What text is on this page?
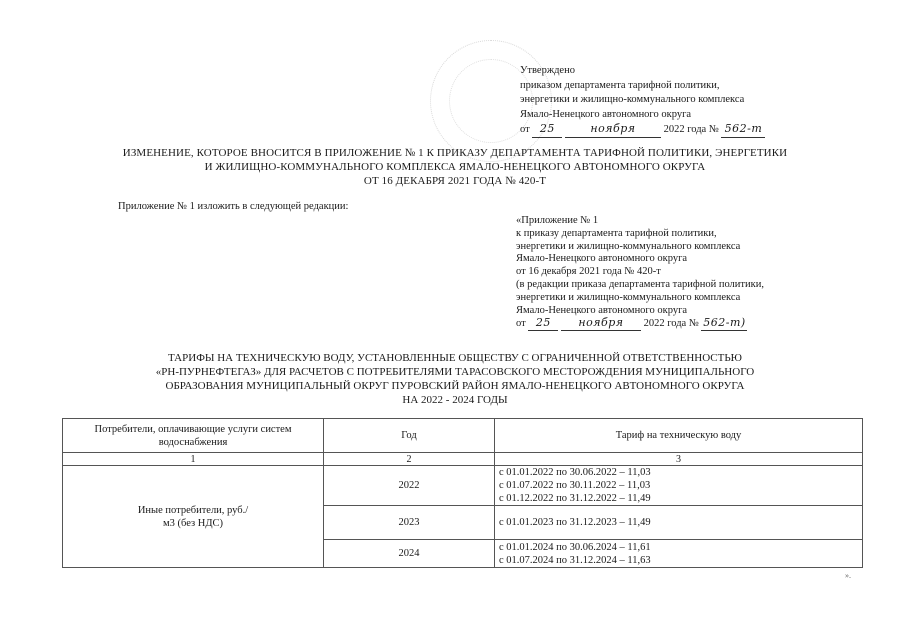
Утверждено
приказом департамента тарифной политики,
энергетики и жилищно-коммунального комплекса
Ямало-Ненецкого автономного округа
от 25	ноября	2022 года № 562-т
ИЗМЕНЕНИЕ, КОТОРОЕ ВНОСИТСЯ В ПРИЛОЖЕНИЕ № 1 К ПРИКАЗУ ДЕПАРТАМЕНТА ТАРИФНОЙ ПОЛИТИКИ, ЭНЕРГЕТИКИ
И ЖИЛИЩНО-КОММУНАЛЬНОГО КОМПЛЕКСА ЯМАЛО-НЕНЕЦКОГО АВТОНОМНОГО ОКРУГА
ОТ 16 ДЕКАБРЯ 2021 ГОДА № 420-Т
Приложение № 1 изложить в следующей редакции:
«Приложение № 1
к приказу департамента тарифной политики,
энергетики и жилищно-коммунального комплекса
Ямало-Ненецкого автономного округа
от 16 декабря 2021 года № 420-т
(в редакции приказа департамента тарифной политики,
энергетики и жилищно-коммунального комплекса
Ямало-Ненецкого автономного округа
от 25	ноября 2022 года № 562-т)
ТАРИФЫ НА ТЕХНИЧЕСКУЮ ВОДУ, УСТАНОВЛЕННЫЕ ОБЩЕСТВУ С ОГРАНИЧЕННОЙ ОТВЕТСТВЕННОСТЬЮ
«РН-ПУРНЕФТЕГАЗ» ДЛЯ РАСЧЕТОВ С ПОТРЕБИТЕЛЯМИ ТАРАСОВСКОГО МЕСТОРОЖДЕНИЯ МУНИЦИПАЛЬНОГО
ОБРАЗОВАНИЯ МУНИЦИПАЛЬНЫЙ ОКРУГ ПУРОВСКИЙ РАЙОН ЯМАЛО-НЕНЕЦКОГО АВТОНОМНОГО ОКРУГА
НА 2022 - 2024 ГОДЫ
Потребители, оплачивающие услуги систем водоснабжения	Год	Тариф на техническую воду
1	2	3
Иные потребители, руб./м3 (без НДС)	2022	с 01.01.2022 по 30.06.2022 – 11,03
с 01.07.2022 по 30.11.2022 – 11,03
с 01.12.2022 по 31.12.2022 – 11,49

	2023	с 01.01.2023 по 31.12.2023 – 11,49

	2024	с 01.01.2024 по 30.06.2024 – 11,61
с 01.07.2024 по 31.12.2024 – 11,63
».
